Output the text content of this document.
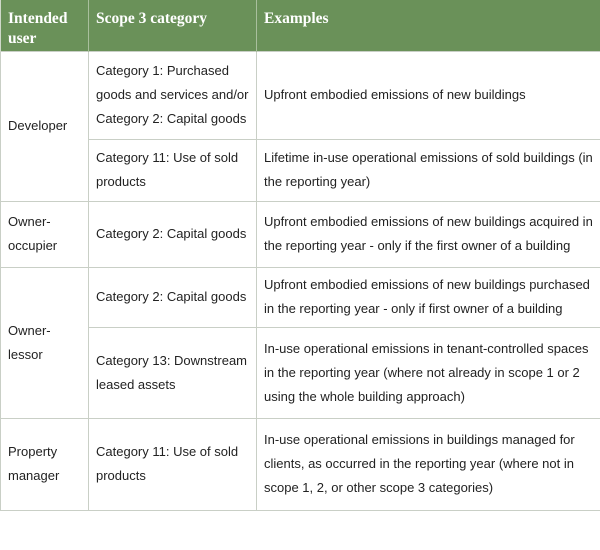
Intended user	Scope 3 category	Examples
Developer	Category 1: Purchased goods and services and/or Category 2: Capital goods	Upfront embodied emissions of new buildings
	Category 11: Use of sold products	Lifetime in-use operational emissions of sold buildings (in the reporting year)
Owner-occupier	Category 2: Capital goods	Upfront embodied emissions of new buildings acquired in the reporting year - only if the first owner of a building
Owner-lessor	Category 2: Capital goods	Upfront embodied emissions of new buildings purchased in the reporting year - only if first owner of a building
	Category 13: Downstream leased assets	In-use operational emissions in tenant-controlled spaces in the reporting year (where not already in scope 1 or 2 using the whole building approach)
Property manager	Category 11: Use of sold products	In-use operational emissions in buildings managed for clients, as occurred in the reporting year (where not in scope 1, 2, or other scope 3 categories)
